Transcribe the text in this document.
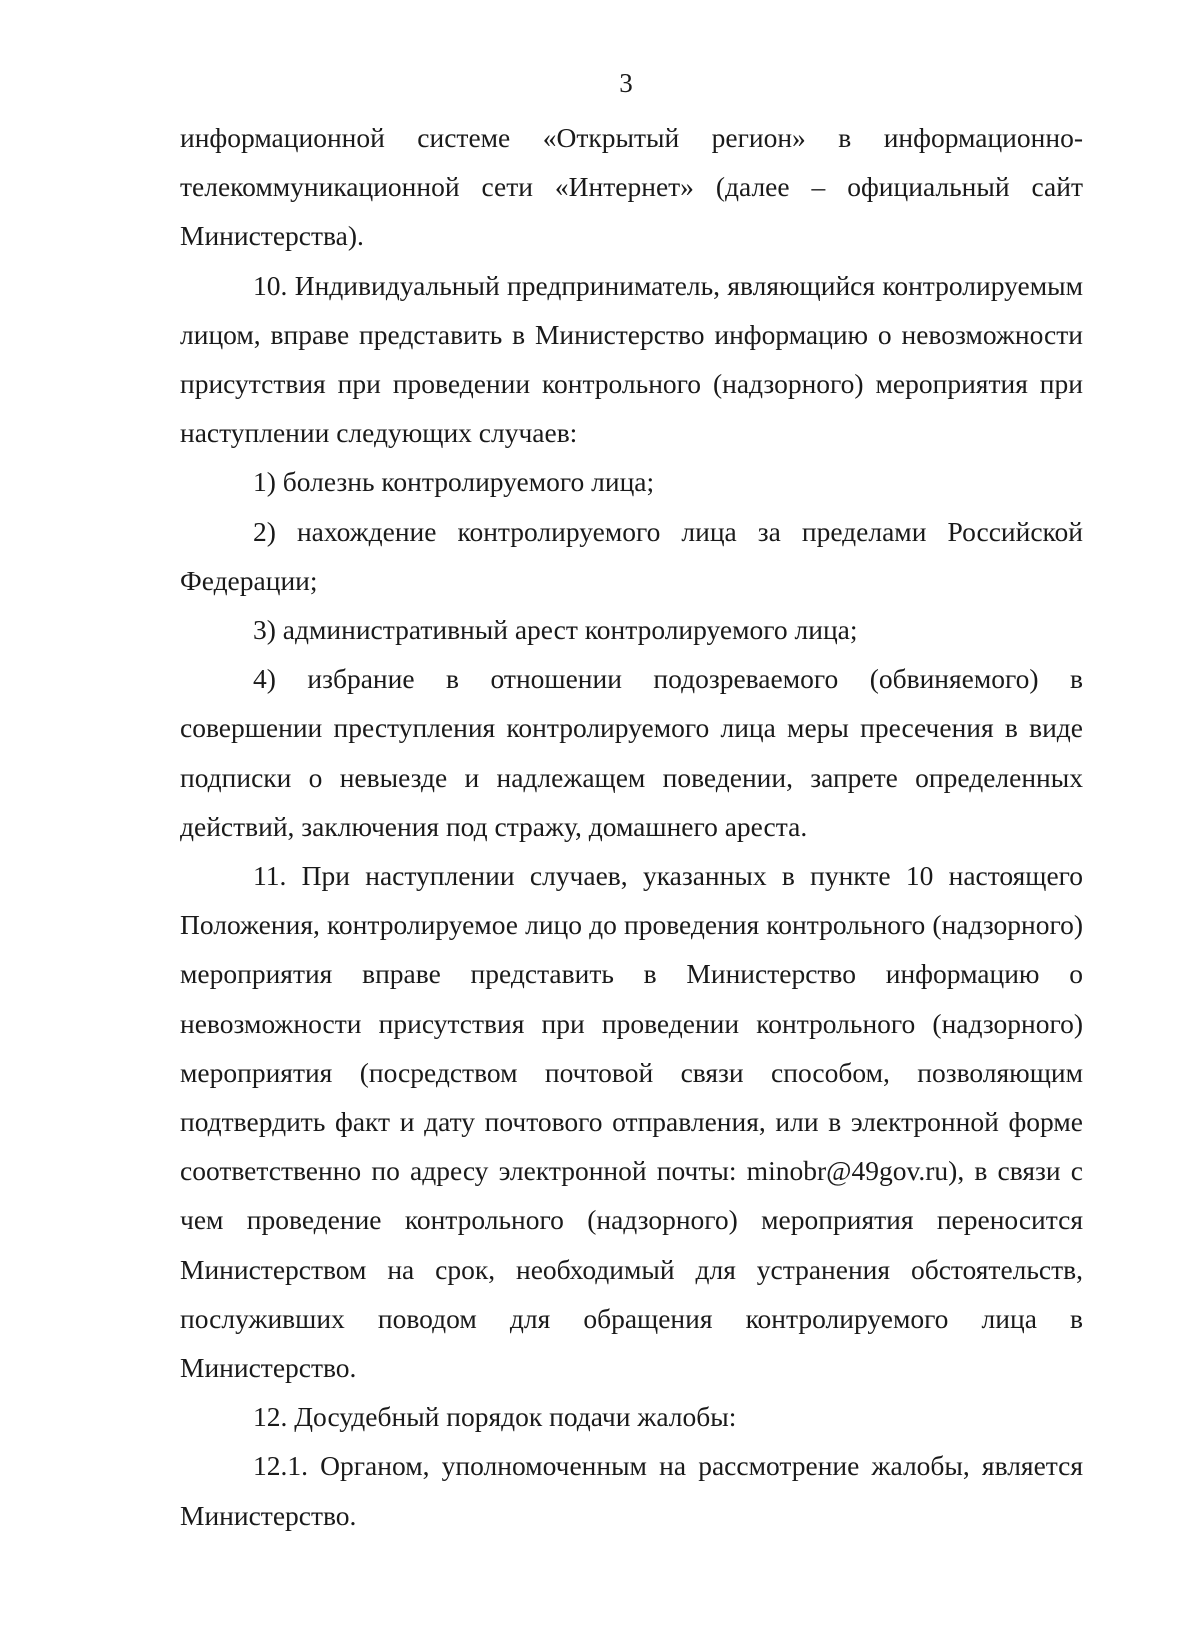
3

информационной системе «Открытый регион» в информационно-телекоммуникационной сети «Интернет» (далее – официальный сайт Министерства).

10. Индивидуальный предприниматель, являющийся контролируемым лицом, вправе представить в Министерство информацию о невозможности присутствия при проведении контрольного (надзорного) мероприятия при наступлении следующих случаев:

1) болезнь контролируемого лица;

2) нахождение контролируемого лица за пределами Российской Федерации;

3) административный арест контролируемого лица;

4) избрание в отношении подозреваемого (обвиняемого) в совершении преступления контролируемого лица меры пресечения в виде подписки о невыезде и надлежащем поведении, запрете определенных действий, заключения под стражу, домашнего ареста.

11. При наступлении случаев, указанных в пункте 10 настоящего Положения, контролируемое лицо до проведения контрольного (надзорного) мероприятия вправе представить в Министерство информацию о невозможности присутствия при проведении контрольного (надзорного) мероприятия (посредством почтовой связи способом, позволяющим подтвердить факт и дату почтового отправления, или в электронной форме соответственно по адресу электронной почты: minobr@49gov.ru), в связи с чем проведение контрольного (надзорного) мероприятия переносится Министерством на срок, необходимый для устранения обстоятельств, послуживших поводом для обращения контролируемого лица в Министерство.

12. Досудебный порядок подачи жалобы:

12.1. Органом, уполномоченным на рассмотрение жалобы, является Министерство.
